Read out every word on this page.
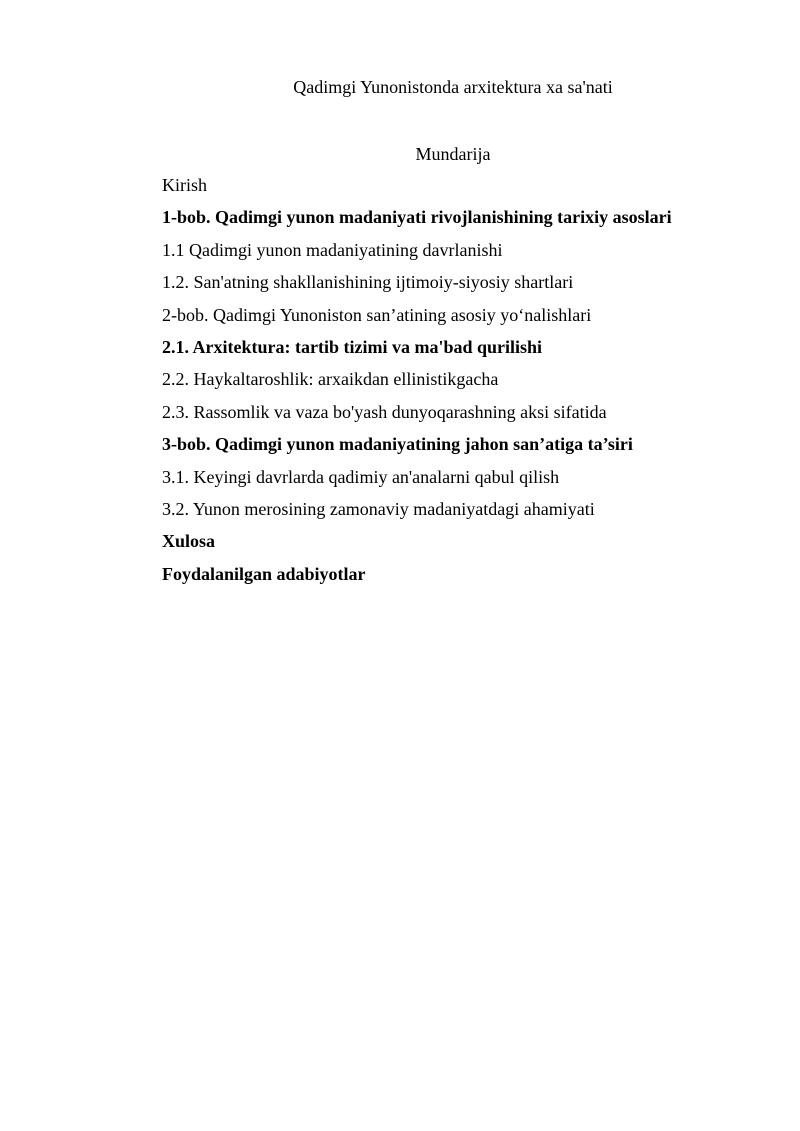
Qadimgi Yunonistonda arxitektura xa sa'nati
Mundarija
Kirish
1-bob. Qadimgi yunon madaniyati rivojlanishining tarixiy asoslari
1.1 Qadimgi yunon madaniyatining davrlanishi
1.2. San'atning shakllanishining ijtimoiy-siyosiy shartlari
2-bob. Qadimgi Yunoniston san’atining asosiy yoʻnalishlari
2.1. Arxitektura: tartib tizimi va ma'bad qurilishi
2.2. Haykaltaroshlik: arxaikdan ellinistikgacha
2.3. Rassomlik va vaza bo'yash dunyoqarashning aksi sifatida
3-bob. Qadimgi yunon madaniyatining jahon san’atiga ta’siri
3.1. Keyingi davrlarda qadimiy an'analarni qabul qilish
3.2. Yunon merosining zamonaviy madaniyatdagi ahamiyati
Xulosa
Foydalanilgan adabiyotlar
